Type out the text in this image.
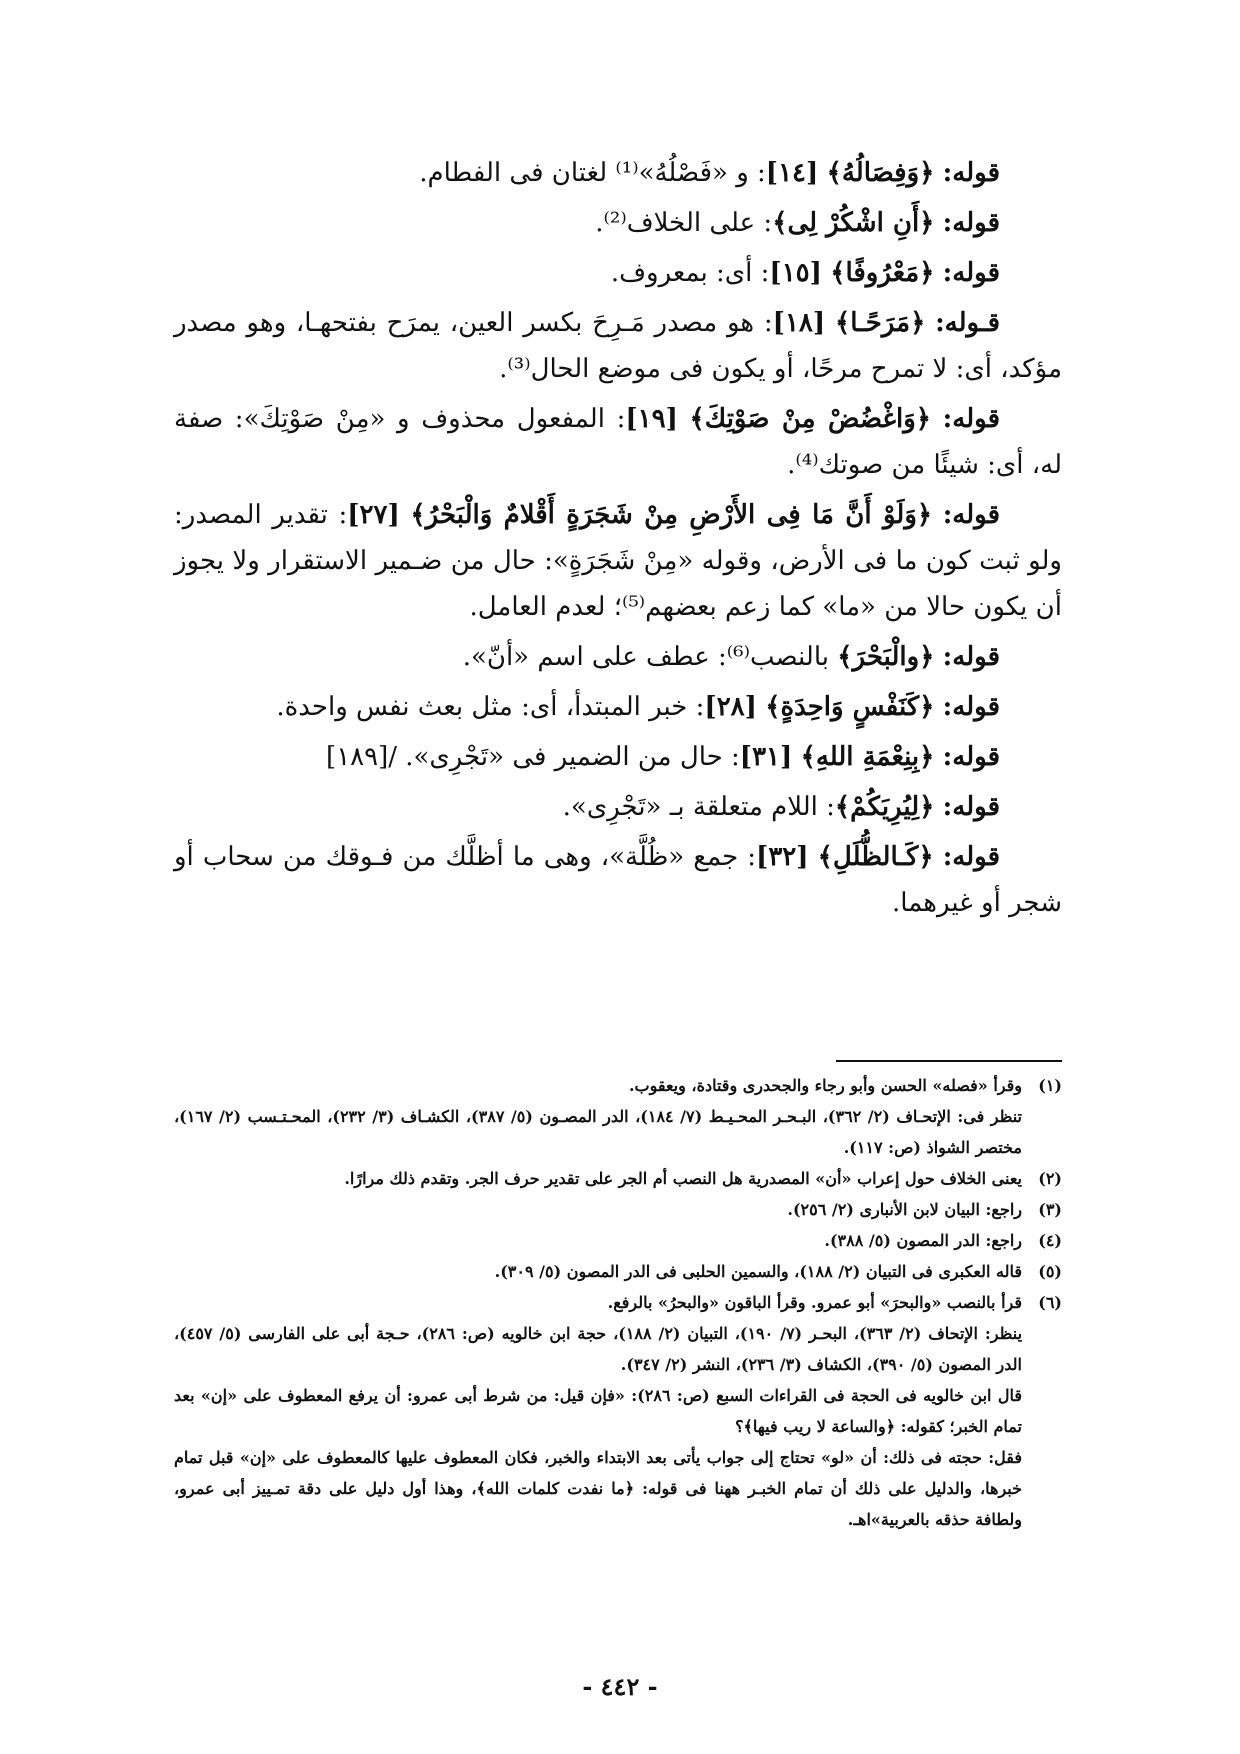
قوله: ﴿وَفِصَالُهُ﴾ [١٤]: و «فَصْلُهُ»⁽¹⁾ لغتان فى الفطام.

قوله: ﴿أَنِ اشْكُرْ لِى﴾: على الخلاف⁽²⁾.

قوله: ﴿مَعْرُوفًا﴾ [١٥]: أى: بمعروف.

قـوله: ﴿مَرَحًـا﴾ [١٨]: هو مصدر مَـرِحَ بكسر العين، يمرَح بفتحهـا، وهو مصدر مؤكد، أى: لا تمرح مرحًا، أو يكون فى موضع الحال⁽³⁾.

قوله: ﴿وَاغْضُضْ مِنْ صَوْتِكَ﴾ [١٩]: المفعول محذوف و «مِنْ صَوْتِكَ»: صفة له، أى: شيئًا من صوتك⁽⁴⁾.

قوله: ﴿وَلَوْ أَنَّ مَا فِى الأَرْضِ مِنْ شَجَرَةٍ أَقْلامٌ وَالْبَحْرُ﴾ [٢٧]: تقدير المصدر: ولو ثبت كون ما فى الأرض، وقوله «مِنْ شَجَرَةٍ»: حال من ضـمير الاستقرار ولا يجوز أن يكون حالا من «ما» كما زعم بعضهم⁽⁵⁾؛ لعدم العامل.

قوله: ﴿والْبَحْرَ﴾ بالنصب⁽⁶⁾: عطف على اسم «أنّ».

قوله: ﴿كَنَفْسٍ وَاحِدَةٍ﴾ [٢٨]: خبر المبتدأ، أى: مثل بعث نفس واحدة.

قوله: ﴿بِنِعْمَةِ اللهِ﴾ [٣١]: حال من الضمير فى «تَجْرِى». /[١٨٩]

قوله: ﴿لِيُرِيَكُمْ﴾: اللام متعلقة بـ «تَجْرِى».

قوله: ﴿كَـالظُّلَلِ﴾ [٣٢]: جمع «ظُلَّة»، وهى ما أظلَّك من فـوقك من سحاب أو شجر أو غيرهما.

(١)

وقرأ «فصله» الحسن وأبو رجاء والجحدرى وقتادة، ويعقوب.

تنظر فى: الإتحـاف (٢/ ٣٦٢)، البـحـر المحـيـط (٧/ ١٨٤)، الدر المصـون (٥/ ٣٨٧)، الكشـاف (٣/ ٢٣٢)، المحـتـسب (٢/ ١٦٧)، مختصر الشواذ (ص: ١١٧).

(٢)

يعنى الخلاف حول إعراب «أن» المصدرية هل النصب أم الجر على تقدير حرف الجر. وتقدم ذلك مرارًا.

(٣)

راجع: البيان لابن الأنبارى (٢/ ٢٥٦).

(٤)

راجع: الدر المصون (٥/ ٣٨٨).

(٥)

قاله العكبرى فى التبيان (٢/ ١٨٨)، والسمين الحلبى فى الدر المصون (٥/ ٣٠٩).

(٦)

قرأ بالنصب «والبحرَ» أبو عمرو. وقرأ الباقون «والبحرُ» بالرفع.

ينظر: الإتحاف (٢/ ٣٦٣)، البحـر (٧/ ١٩٠)، التبيان (٢/ ١٨٨)، حجة ابن خالويه (ص: ٢٨٦)، حـجة أبى على الفارسى (٥/ ٤٥٧)، الدر المصون (٥/ ٣٩٠)، الكشاف (٣/ ٢٣٦)، النشر (٢/ ٣٤٧).

قال ابن خالويه فى الحجة فى القراءات السبع (ص: ٢٨٦): «فإن قيل: من شرط أبى عمرو: أن يرفع المعطوف على «إن» بعد تمام الخبر؛ كقوله: ﴿والساعة لا ريب فيها﴾؟

فقل: حجته فى ذلك: أن «لو» تحتاج إلى جواب يأتى بعد الابتداء والخبر، فكان المعطوف عليها كالمعطوف على «إن» قبل تمام خبرها، والدليل على ذلك أن تمام الخبـر ههنا فى قوله: ﴿ما نفدت كلمات الله﴾، وهذا أول دليل على دقة تمـييز أبى عمرو، ولطافة حذقه بالعربية»اهـ.

- ٤٤٢ -
